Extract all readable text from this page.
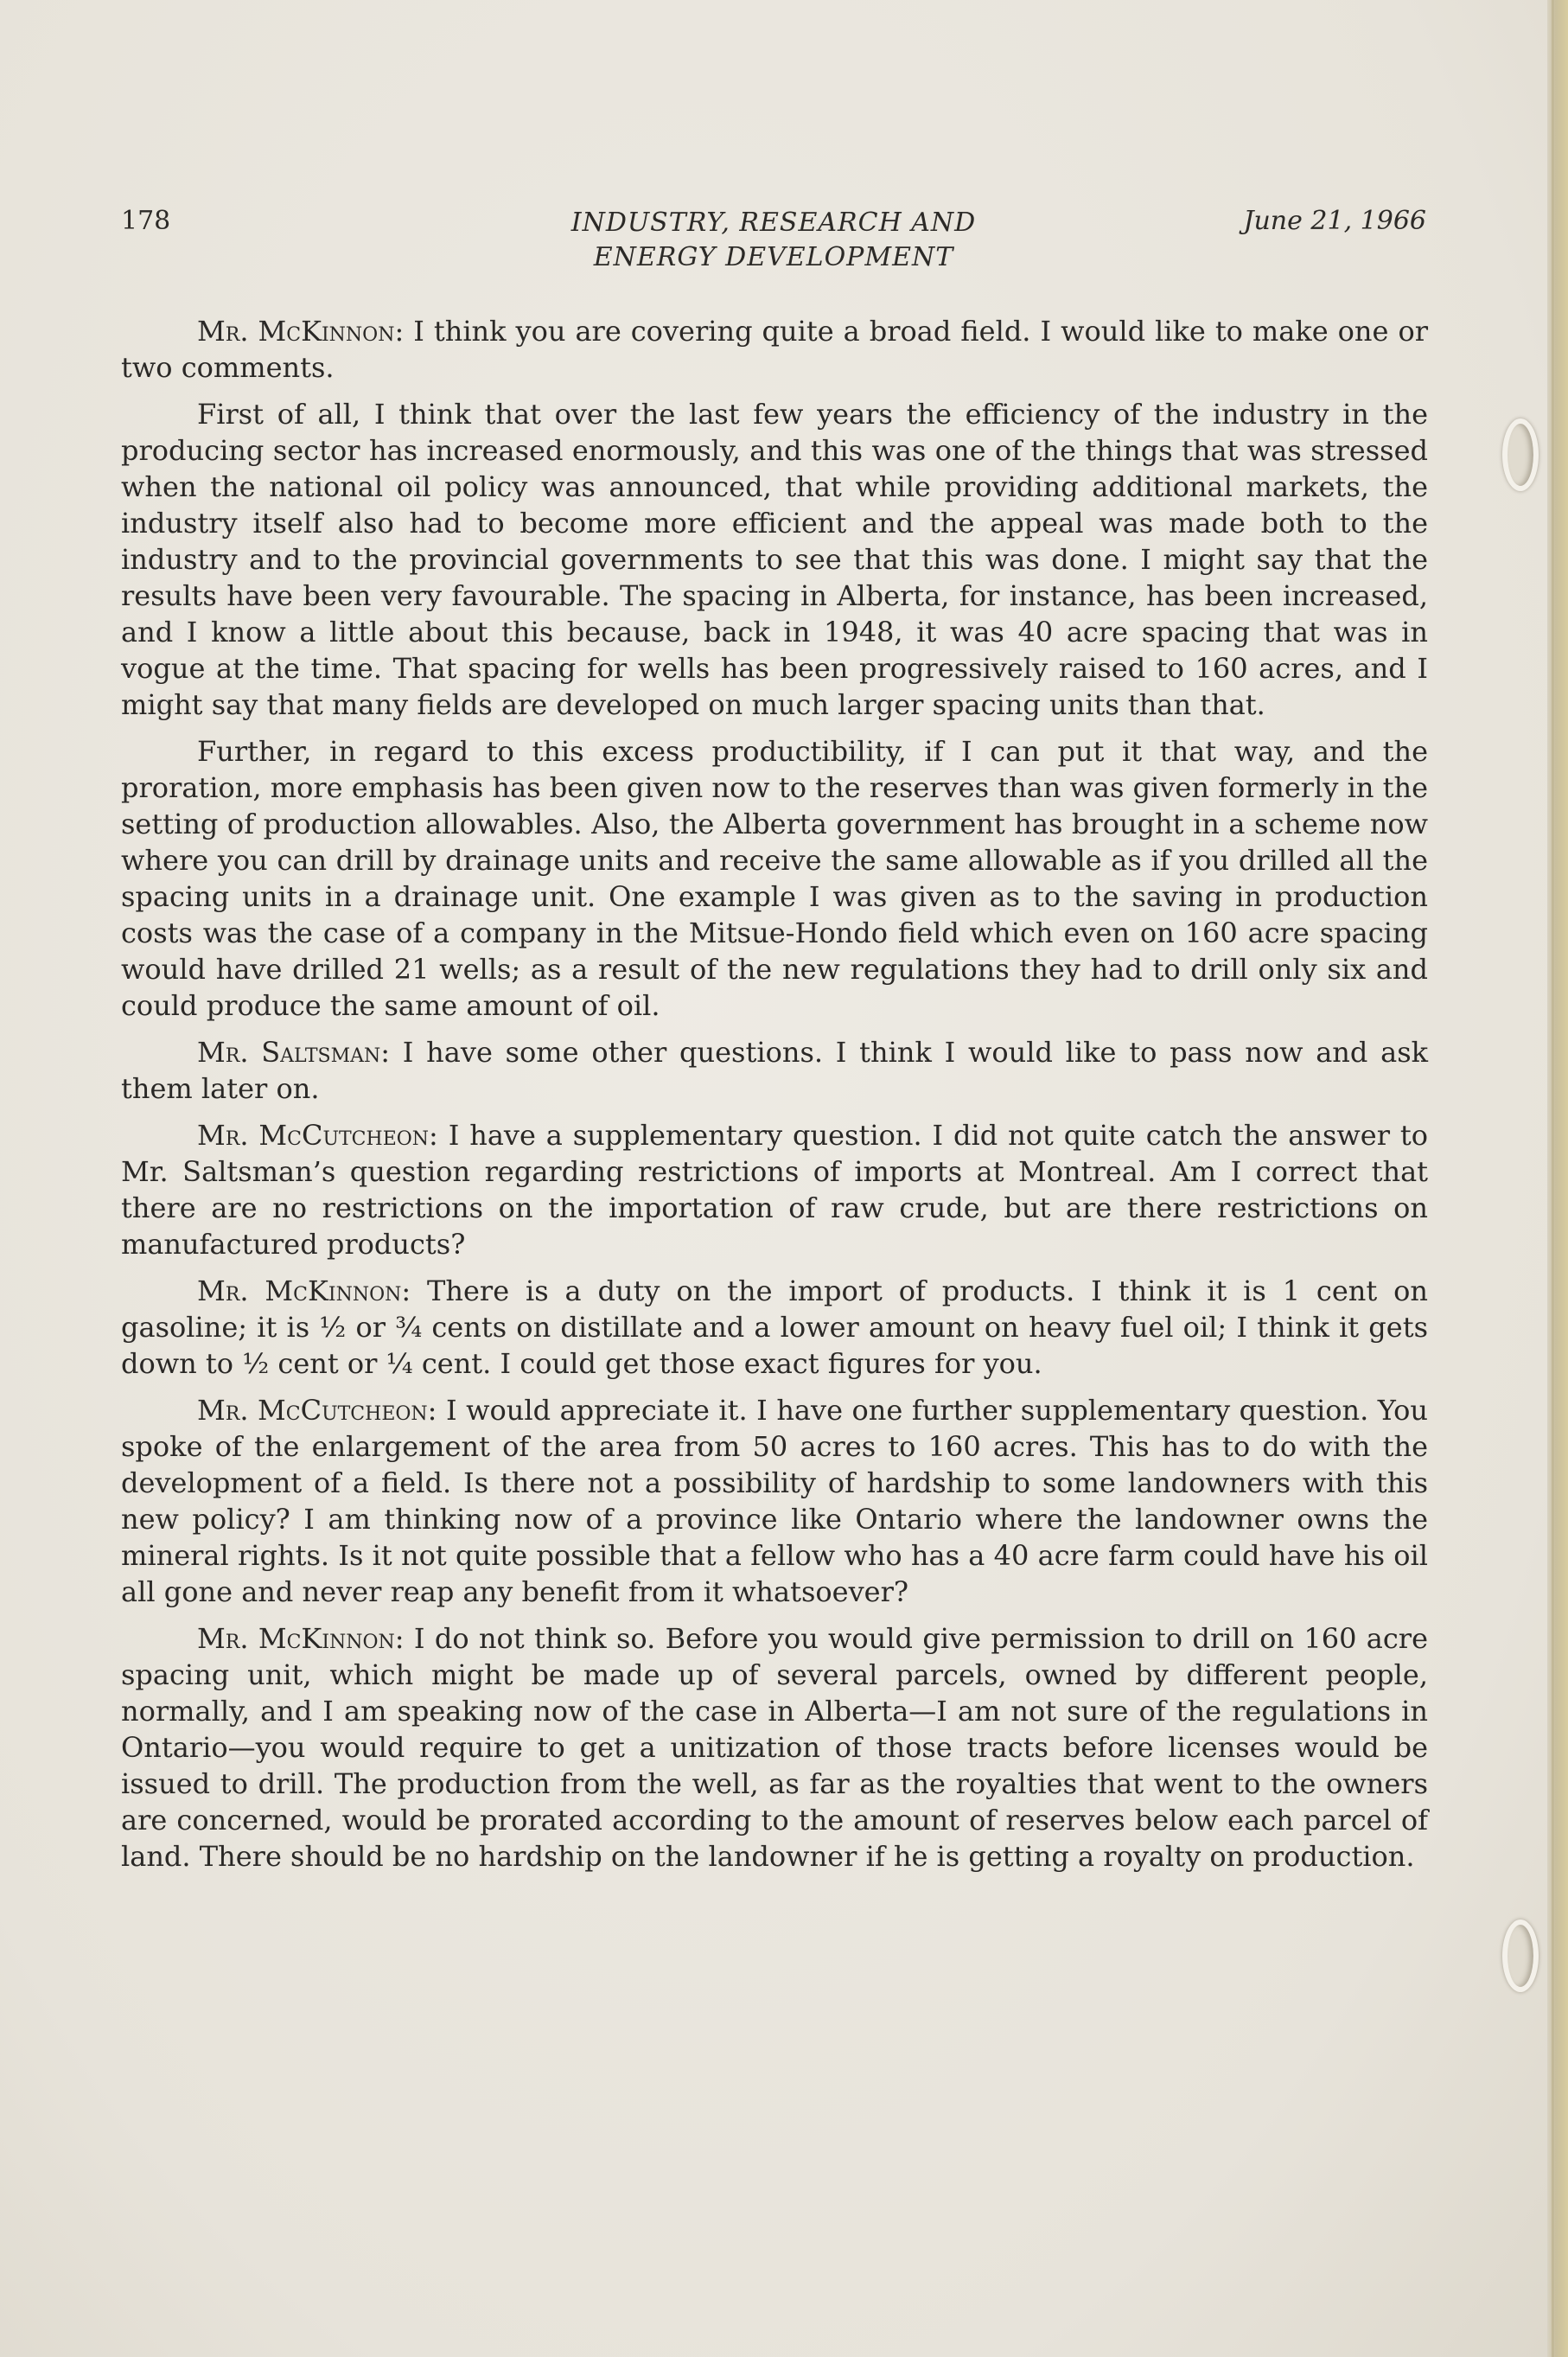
178	INDUSTRY, RESEARCH AND
ENERGY DEVELOPMENT
June 21, 1966

Mr. McKinnon: I think you are covering quite a broad field. I would like to make one or two comments.

First of all, I think that over the last few years the efficiency of the industry in the producing sector has increased enormously, and this was one of the things that was stressed when the national oil policy was announced, that while providing additional markets, the industry itself also had to become more efficient and the appeal was made both to the industry and to the provincial governments to see that this was done. I might say that the results have been very favourable. The spacing in Alberta, for instance, has been increased, and I know a little about this because, back in 1948, it was 40 acre spacing that was in vogue at the time. That spacing for wells has been progressively raised to 160 acres, and I might say that many fields are developed on much larger spacing units than that.

Further, in regard to this excess productibility, if I can put it that way, and the proration, more emphasis has been given now to the reserves than was given formerly in the setting of production allowables. Also, the Alberta government has brought in a scheme now where you can drill by drainage units and receive the same allowable as if you drilled all the spacing units in a drainage unit. One example I was given as to the saving in production costs was the case of a company in the Mitsue-Hondo field which even on 160 acre spacing would have drilled 21 wells; as a result of the new regulations they had to drill only six and could produce the same amount of oil.

Mr. Saltsman: I have some other questions. I think I would like to pass now and ask them later on.

Mr. McCutcheon: I have a supplementary question. I did not quite catch the answer to Mr. Saltsman’s question regarding restrictions of imports at Montreal. Am I correct that there are no restrictions on the importation of raw crude, but are there restrictions on manufactured products?

Mr. McKinnon: There is a duty on the import of products. I think it is 1 cent on gasoline; it is ½ or ¾ cents on distillate and a lower amount on heavy fuel oil; I think it gets down to ½ cent or ¼ cent. I could get those exact figures for you.

Mr. McCutcheon: I would appreciate it. I have one further supplementary question. You spoke of the enlargement of the area from 50 acres to 160 acres. This has to do with the development of a field. Is there not a possibility of hardship to some landowners with this new policy? I am thinking now of a province like Ontario where the landowner owns the mineral rights. Is it not quite possible that a fellow who has a 40 acre farm could have his oil all gone and never reap any benefit from it whatsoever?

Mr. McKinnon: I do not think so. Before you would give permission to drill on 160 acre spacing unit, which might be made up of several parcels, owned by different people, normally, and I am speaking now of the case in Alberta—I am not sure of the regulations in Ontario—you would require to get a unitization of those tracts before licenses would be issued to drill. The production from the well, as far as the royalties that went to the owners are concerned, would be prorated according to the amount of reserves below each parcel of land. There should be no hardship on the landowner if he is getting a royalty on production.
